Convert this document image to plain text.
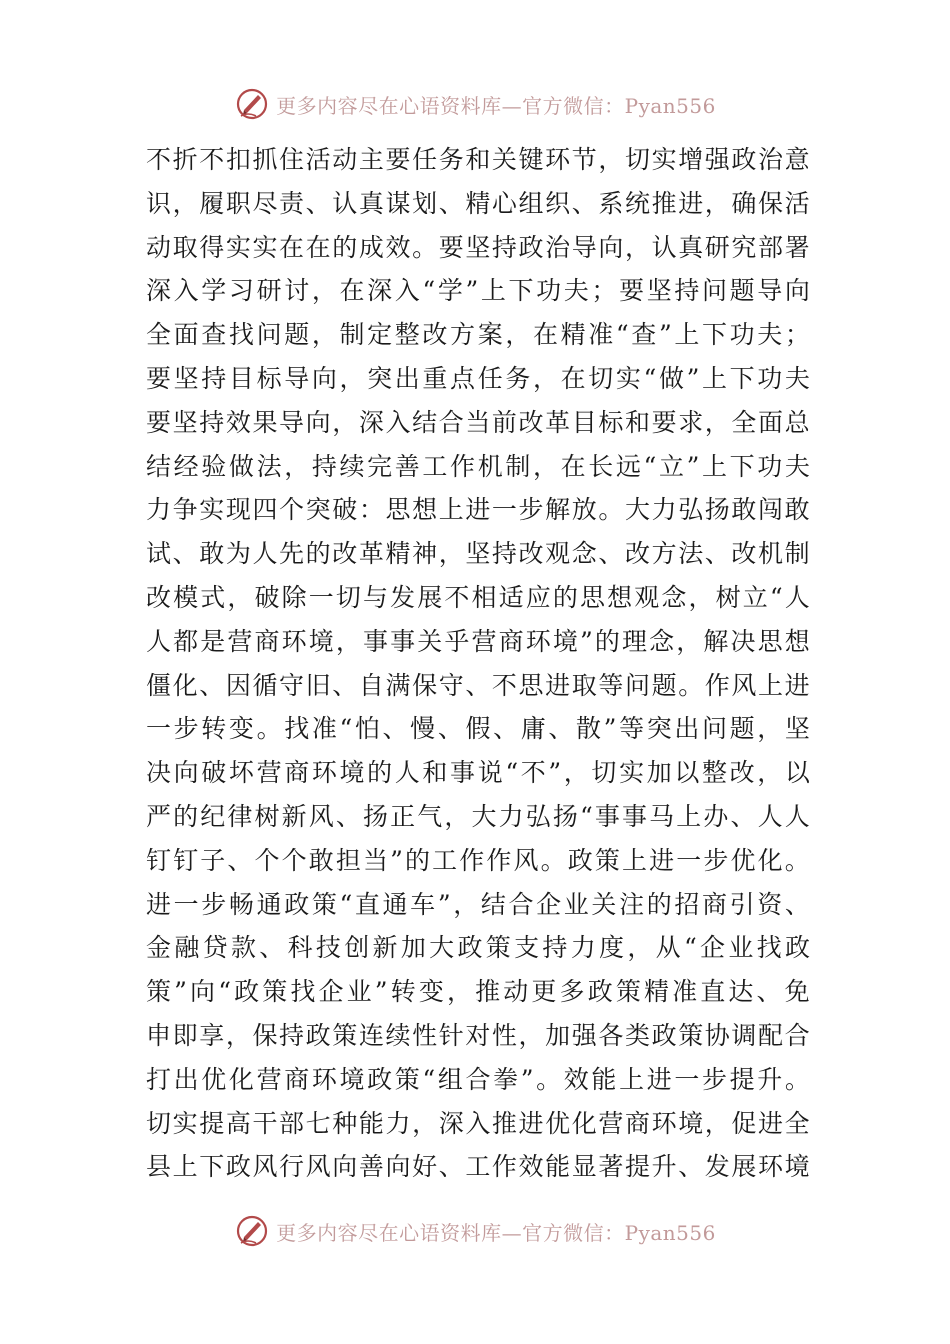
更多内容尽在心语资料库—官方微信：Pyan556
不 折 不 扣 抓 住 活 动 主 要 任 务 和 关 键 环 节 ， 切 实 增 强 政 治 意
识 ， 履 职 尽 责 、 认 真 谋 划 、 精 心 组 织 、 系 统 推 进 ， 确 保 活
动 取 得 实 实 在 在 的 成 效 。 要 坚 持 政 治 导 向 ， 认 真 研 究 部 署
深 入 学 习 研 讨 ， 在 深 入 “ 学 ” 上 下 功 夫 ； 要 坚 持 问 题 导 向
全 面 查 找 问 题 ， 制 定 整 改 方 案 ， 在 精 准 “ 查 ” 上 下 功 夫 ；
要 坚 持 目 标 导 向 ， 突 出 重 点 任 务 ， 在 切 实 “ 做 ” 上 下 功 夫
要 坚 持 效 果 导 向 ， 深 入 结 合 当 前 改 革 目 标 和 要 求 ， 全 面 总
结 经 验 做 法 ， 持 续 完 善 工 作 机 制 ， 在 长 远 “ 立 ” 上 下 功 夫
力 争 实 现 四 个 突 破 ： 思 想 上 进 一 步 解 放 。 大 力 弘 扬 敢 闯 敢
试 、 敢 为 人 先 的 改 革 精 神 ， 坚 持 改 观 念 、 改 方 法 、 改 机 制
改 模 式 ， 破 除 一 切 与 发 展 不 相 适 应 的 思 想 观 念 ， 树 立 “ 人
人 都 是 营 商 环 境 ， 事 事 关 乎 营 商 环 境 ” 的 理 念 ， 解 决 思 想
僵 化 、 因 循 守 旧 、 自 满 保 守 、 不 思 进 取 等 问 题 。 作 风 上 进
一 步 转 变 。 找 准 “ 怕 、 慢 、 假 、 庸 、 散 ” 等 突 出 问 题 ， 坚
决 向 破 坏 营 商 环 境 的 人 和 事 说 “ 不 ” ， 切 实 加 以 整 改 ， 以
严 的 纪 律 树 新 风 、 扬 正 气 ， 大 力 弘 扬 “ 事 事 马 上 办 、 人 人
钉 钉 子 、 个 个 敢 担 当 ” 的 工 作 作 风 。 政 策 上 进 一 步 优 化 。
进 一 步 畅 通 政 策 “ 直 通 车 ” ， 结 合 企 业 关 注 的 招 商 引 资 、
金 融 贷 款 、 科 技 创 新 加 大 政 策 支 持 力 度 ， 从 “ 企 业 找 政
策 ” 向 “ 政 策 找 企 业 ” 转 变 ， 推 动 更 多 政 策 精 准 直 达 、 免
申 即 享 ， 保 持 政 策 连 续 性 针 对 性 ， 加 强 各 类 政 策 协 调 配 合
打 出 优 化 营 商 环 境 政 策 “ 组 合 拳 ” 。 效 能 上 进 一 步 提 升 。
切 实 提 高 干 部 七 种 能 力 ， 深 入 推 进 优 化 营 商 环 境 ， 促 进 全
县 上 下 政 风 行 风 向 善 向 好 、 工 作 效 能 显 著 提 升 、 发 展 环 境
更多内容尽在心语资料库—官方微信：Pyan556
